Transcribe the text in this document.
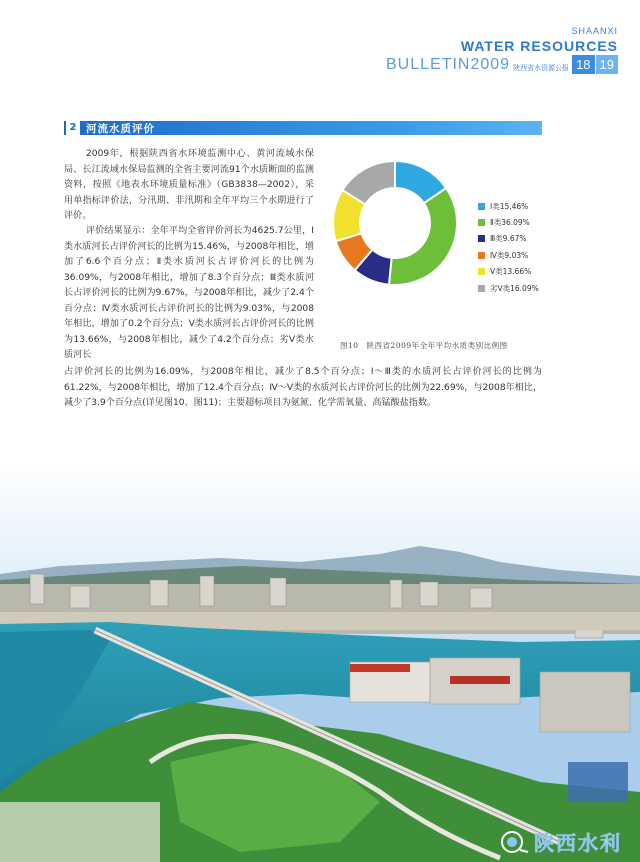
SHAANXI
WATER RESOURCES
BULLETIN2009 陕西省水资源公报 18 19
2 河流水质评价

2009年，根据陕西省水环境监测中心、黄河流域水保局、长江流域水保局监测的全省主要河流91个水质断面的监测资料，按照《地表水环境质量标准》（GB3838—2002），采用单指标评价法，分汛期、非汛期和全年平均三个水期进行了评价。

评价结果显示：全年平均全省评价河长为4625.7公里，Ⅰ类水质河长占评价河长的比例为15.46%，与2008年相比，增加了6.6个百分点；Ⅱ类水质河长占评价河长的比例为36.09%，与2008年相比，增加了8.3个百分点；Ⅲ类水质河长占评价河长的比例为9.67%，与2008年相比，减少了2.4个百分点；Ⅳ类水质河长占评价河长的比例为9.03%，与2008年相比，增加了0.2个百分点；Ⅴ类水质河长占评价河长的比例为13.66%，与2008年相比，减少了4.2个百分点；劣Ⅴ类水质河长

占评价河长的比例为16.09%，与2008年相比，减少了8.5个百分点；Ⅰ～Ⅲ类的水质河长占评价河长的比例为61.22%，与2008年相比，增加了12.4个百分点；Ⅳ～Ⅴ类的水质河长占评价河长的比例为22.69%，与2008年相比，减少了3.9个百分点(详见图10、图11)；主要超标项目为氨氮、化学需氧量、高锰酸盐指数。

Ⅰ类15.46%
Ⅱ类36.09%
Ⅲ类9.67%
Ⅳ类9.03%
Ⅴ类13.66%
劣Ⅴ类16.09%
图10　陕西省2009年全年平均水质类别比例图
陕西水利
